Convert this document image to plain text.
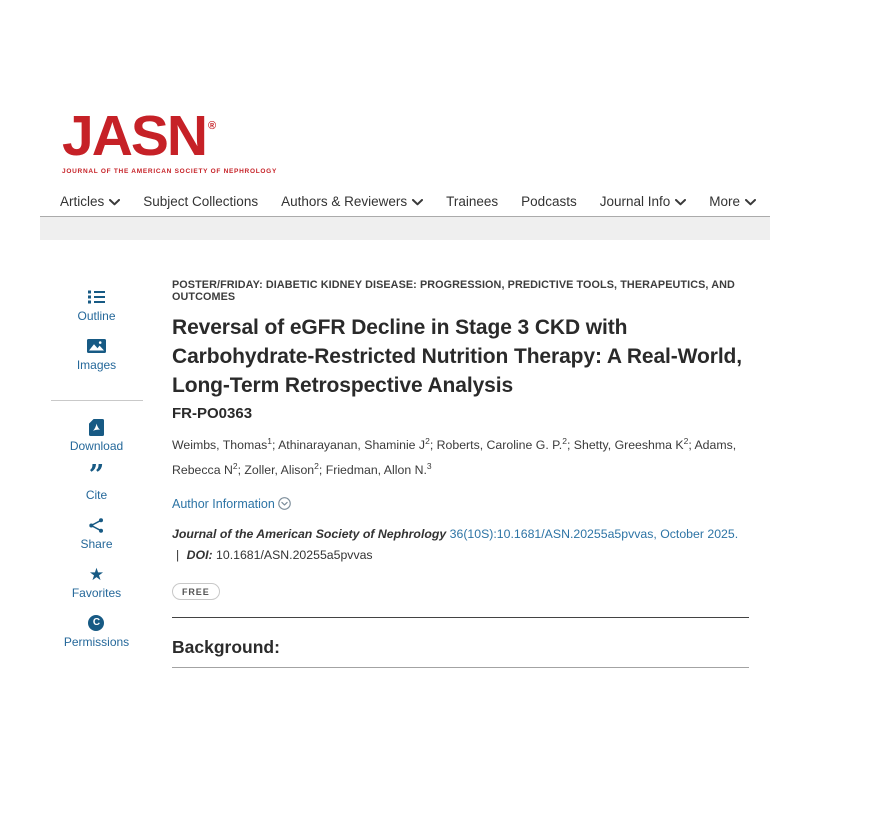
JASN ®
JOURNAL OF THE AMERICAN SOCIETY OF NEPHROLOGY
Articles	Subject Collections Authors & Reviewers	Trainees Podcasts Journal Info	More
Outline
Images
Download
”
Cite
Share
★
Favorites
C
Permissions
POSTER/FRIDAY: DIABETIC KIDNEY DISEASE: PROGRESSION, PREDICTIVE TOOLS, THERAPEUTICS, AND OUTCOMES
Reversal of eGFR Decline in Stage 3 CKD with Carbohydrate-Restricted Nutrition Therapy: A Real-World, Long-Term Retrospective Analysis
FR-PO0363
Weimbs, Thomas$^1$; Athinarayanan, Shaminie $J^2$; Roberts, Caroline G. P.$^2$; Shetty, Greeshma $K^2$; Adams, Rebecca $N^2$; Zoller, Alison$^2$; Friedman, Allon N.$^3$
Author Information
Journal of the American Society of Nephrology 36(10S):10.1681/ASN.20255a5pvvas, October 2025. | DOI: 10.1681/ASN.20255a5pvvas
FREE
Background:
